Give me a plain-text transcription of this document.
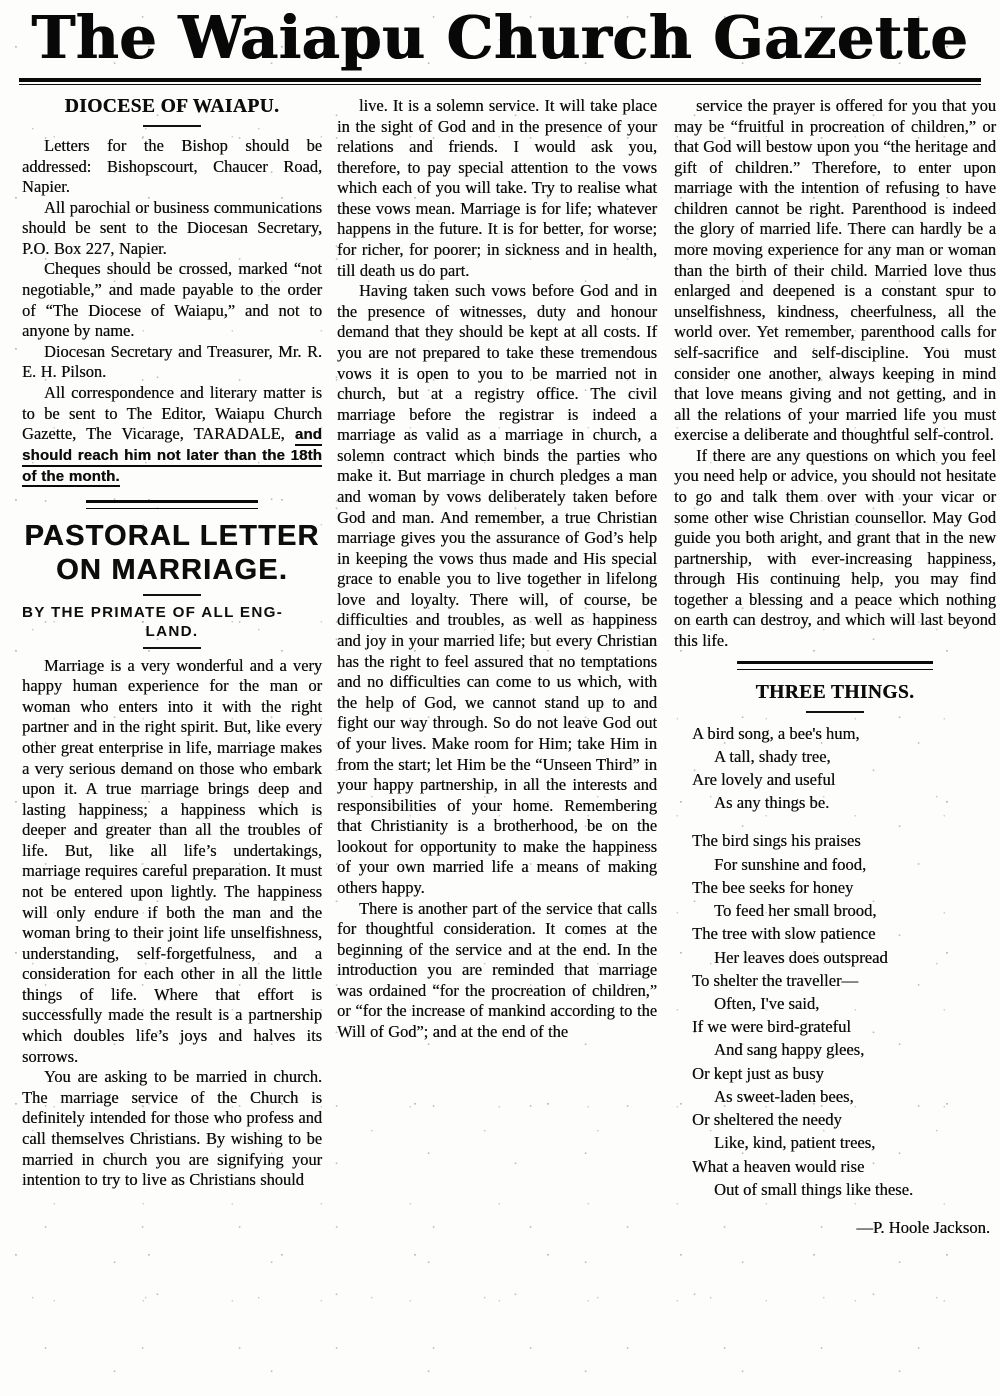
The Waiapu Church Gazette
DIOCESE OF WAIAPU.

Letters for the Bishop should be addressed: Bishopscourt, Chaucer Road, Napier.

All parochial or business communications should be sent to the Diocesan Secretary, P.O. Box 227, Napier.

Cheques should be crossed, marked “not negotiable,” and made payable to the order of “The Diocese of Waiapu,” and not to anyone by name.

Diocesan Secretary and Treasurer, Mr. R. E. H. Pilson.

All correspondence and literary matter is to be sent to The Editor, Waiapu Church Gazette, The Vicarage, TARADALE, and should reach him not later than the 18th of the month.

PASTORAL LETTER
ON MARRIAGE.
BY THE PRIMATE OF ALL ENG-
LAND.

Marriage is a very wonderful and a very happy human experience for the man or woman who enters into it with the right partner and in the right spirit. But, like every other great enterprise in life, marriage makes a very serious demand on those who embark upon it. A true marriage brings deep and lasting happiness; a happiness which is deeper and greater than all the troubles of life. But, like all life’s undertakings, marriage requires careful preparation. It must not be entered upon lightly. The happiness will only endure if both the man and the woman bring to their joint life unselfishness, understanding, self-forgetfulness, and a consideration for each other in all the little things of life. Where that effort is successfully made the result is a partnership which doubles life’s joys and halves its sorrows.

You are asking to be married in church. The marriage service of the Church is definitely intended for those who profess and call themselves Christians. By wishing to be married in church you are signifying your intention to try to live as Christians should

live. It is a solemn service. It will take place in the sight of God and in the presence of your relations and friends. I would ask you, therefore, to pay special attention to the vows which each of you will take. Try to realise what these vows mean. Marriage is for life; whatever happens in the future. It is for better, for worse; for richer, for poorer; in sickness and in health, till death us do part.

Having taken such vows before God and in the presence of witnesses, duty and honour demand that they should be kept at all costs. If you are not prepared to take these tremendous vows it is open to you to be married not in church, but at a registry office. The civil marriage before the registrar is indeed a marriage as valid as a marriage in church, a solemn contract which binds the parties who make it. But marriage in church pledges a man and woman by vows deliberately taken before God and man. And remember, a true Christian marriage gives you the assurance of God’s help in keeping the vows thus made and His special grace to enable you to live together in lifelong love and loyalty. There will, of course, be difficulties and troubles, as well as happiness and joy in your married life; but every Christian has the right to feel assured that no temptations and no difficulties can come to us which, with the help of God, we cannot stand up to and fight our way through. So do not leave God out of your lives. Make room for Him; take Him in from the start; let Him be the “Unseen Third” in your happy partnership, in all the interests and responsibilities of your home. Remembering that Christianity is a brotherhood, be on the lookout for opportunity to make the happiness of your own married life a means of making others happy.

There is another part of the service that calls for thoughtful consideration. It comes at the beginning of the service and at the end. In the introduction you are reminded that marriage was ordained “for the procreation of children,” or “for the increase of mankind according to the Will of God”; and at the end of the

service the prayer is offered for you that you may be “fruitful in procreation of children,” or that God will bestow upon you “the heritage and gift of children.” Therefore, to enter upon marriage with the intention of refusing to have children cannot be right. Parenthood is indeed the glory of married life. There can hardly be a more moving experience for any man or woman than the birth of their child. Married love thus enlarged and deepened is a constant spur to unselfishness, kindness, cheerfulness, all the world over. Yet remember, parenthood calls for self-sacrifice and self-discipline. You must consider one another, always keeping in mind that love means giving and not getting, and in all the relations of your married life you must exercise a deliberate and thoughtful self-control.

If there are any questions on which you feel you need help or advice, you should not hesitate to go and talk them over with your vicar or some other wise Christian counsellor. May God guide you both aright, and grant that in the new partnership, with ever-increasing happiness, through His continuing help, you may find together a blessing and a peace which nothing on earth can destroy, and which will last beyond this life.

THREE THINGS.
A bird song, a bee's hum,
A tall, shady tree,
Are lovely and useful
As any things be.
The bird sings his praises
For sunshine and food,
The bee seeks for honey
To feed her small brood,
The tree with slow patience
Her leaves does outspread
To shelter the traveller—
Often, I've said,
If we were bird-grateful
And sang happy glees,
Or kept just as busy
As sweet-laden bees,
Or sheltered the needy
Like, kind, patient trees,
What a heaven would rise
Out of small things like these.
—P. Hoole Jackson.
